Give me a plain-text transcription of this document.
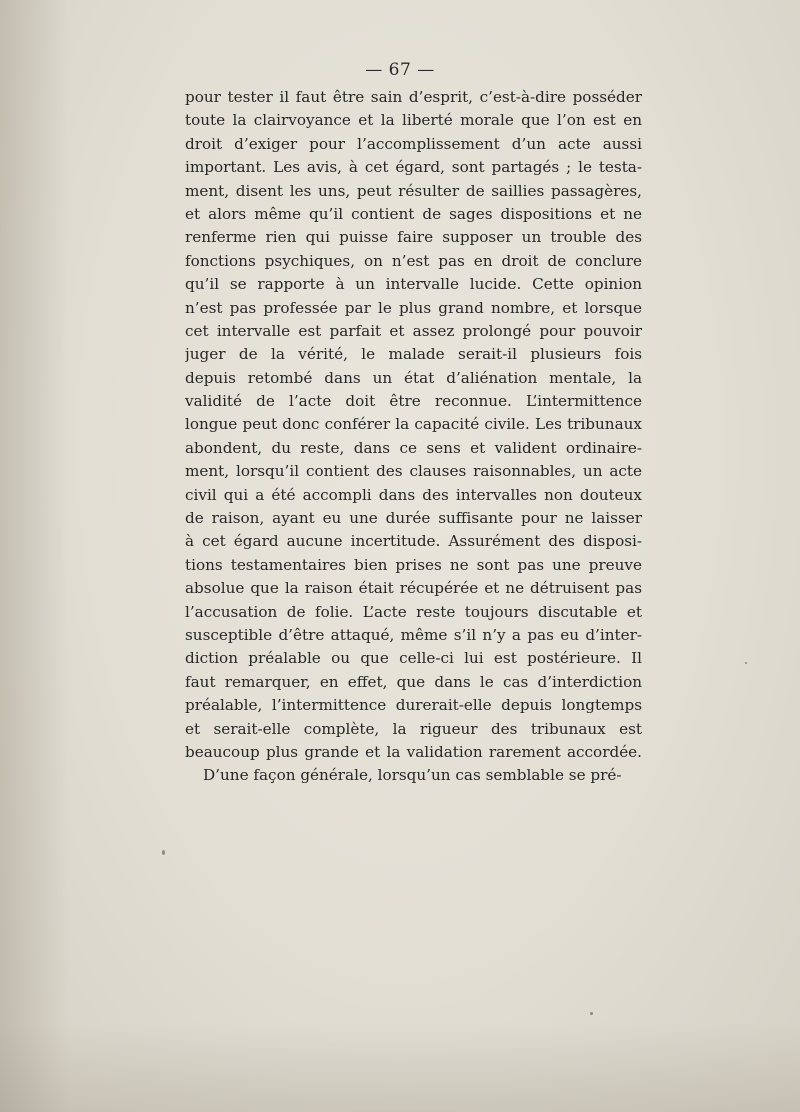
— 67 —
pour tester il faut être sain d’esprit, c’est-à-dire posséder
toute la clairvoyance et la liberté morale que l’on est en
droit d’exiger pour l’accomplissement d’un acte aussi
important. Les avis, à cet égard, sont partagés ; le testa-
ment, disent les uns, peut résulter de saillies passagères,
et alors même qu’il contient de sages dispositions et ne
renferme rien qui puisse faire supposer un trouble des
fonctions psychiques, on n’est pas en droit de conclure
qu’il se rapporte à un intervalle lucide. Cette opinion
n’est pas professée par le plus grand nombre, et lorsque
cet intervalle est parfait et assez prolongé pour pouvoir
juger de la vérité, le malade serait-il plusieurs fois
depuis retombé dans un état d’aliénation mentale, la
validité de l’acte doit être reconnue. L’intermittence
longue peut donc conférer la capacité civile. Les tribunaux
abondent, du reste, dans ce sens et valident ordinaire-
ment, lorsqu’il contient des clauses raisonnables, un acte
civil qui a été accompli dans des intervalles non douteux
de raison, ayant eu une durée suffisante pour ne laisser
à cet égard aucune incertitude. Assurément des disposi-
tions testamentaires bien prises ne sont pas une preuve
absolue que la raison était récupérée et ne détruisent pas
l’accusation de folie. L’acte reste toujours discutable et
susceptible d’être attaqué, même s’il n’y a pas eu d’inter-
diction préalable ou que celle-ci lui est postérieure. Il
faut remarquer, en effet, que dans le cas d’interdiction
préalable, l’intermittence durerait-elle depuis longtemps
et serait-elle complète, la rigueur des tribunaux est
beaucoup plus grande et la validation rarement accordée.
D’une façon générale, lorsqu’un cas semblable se pré-
